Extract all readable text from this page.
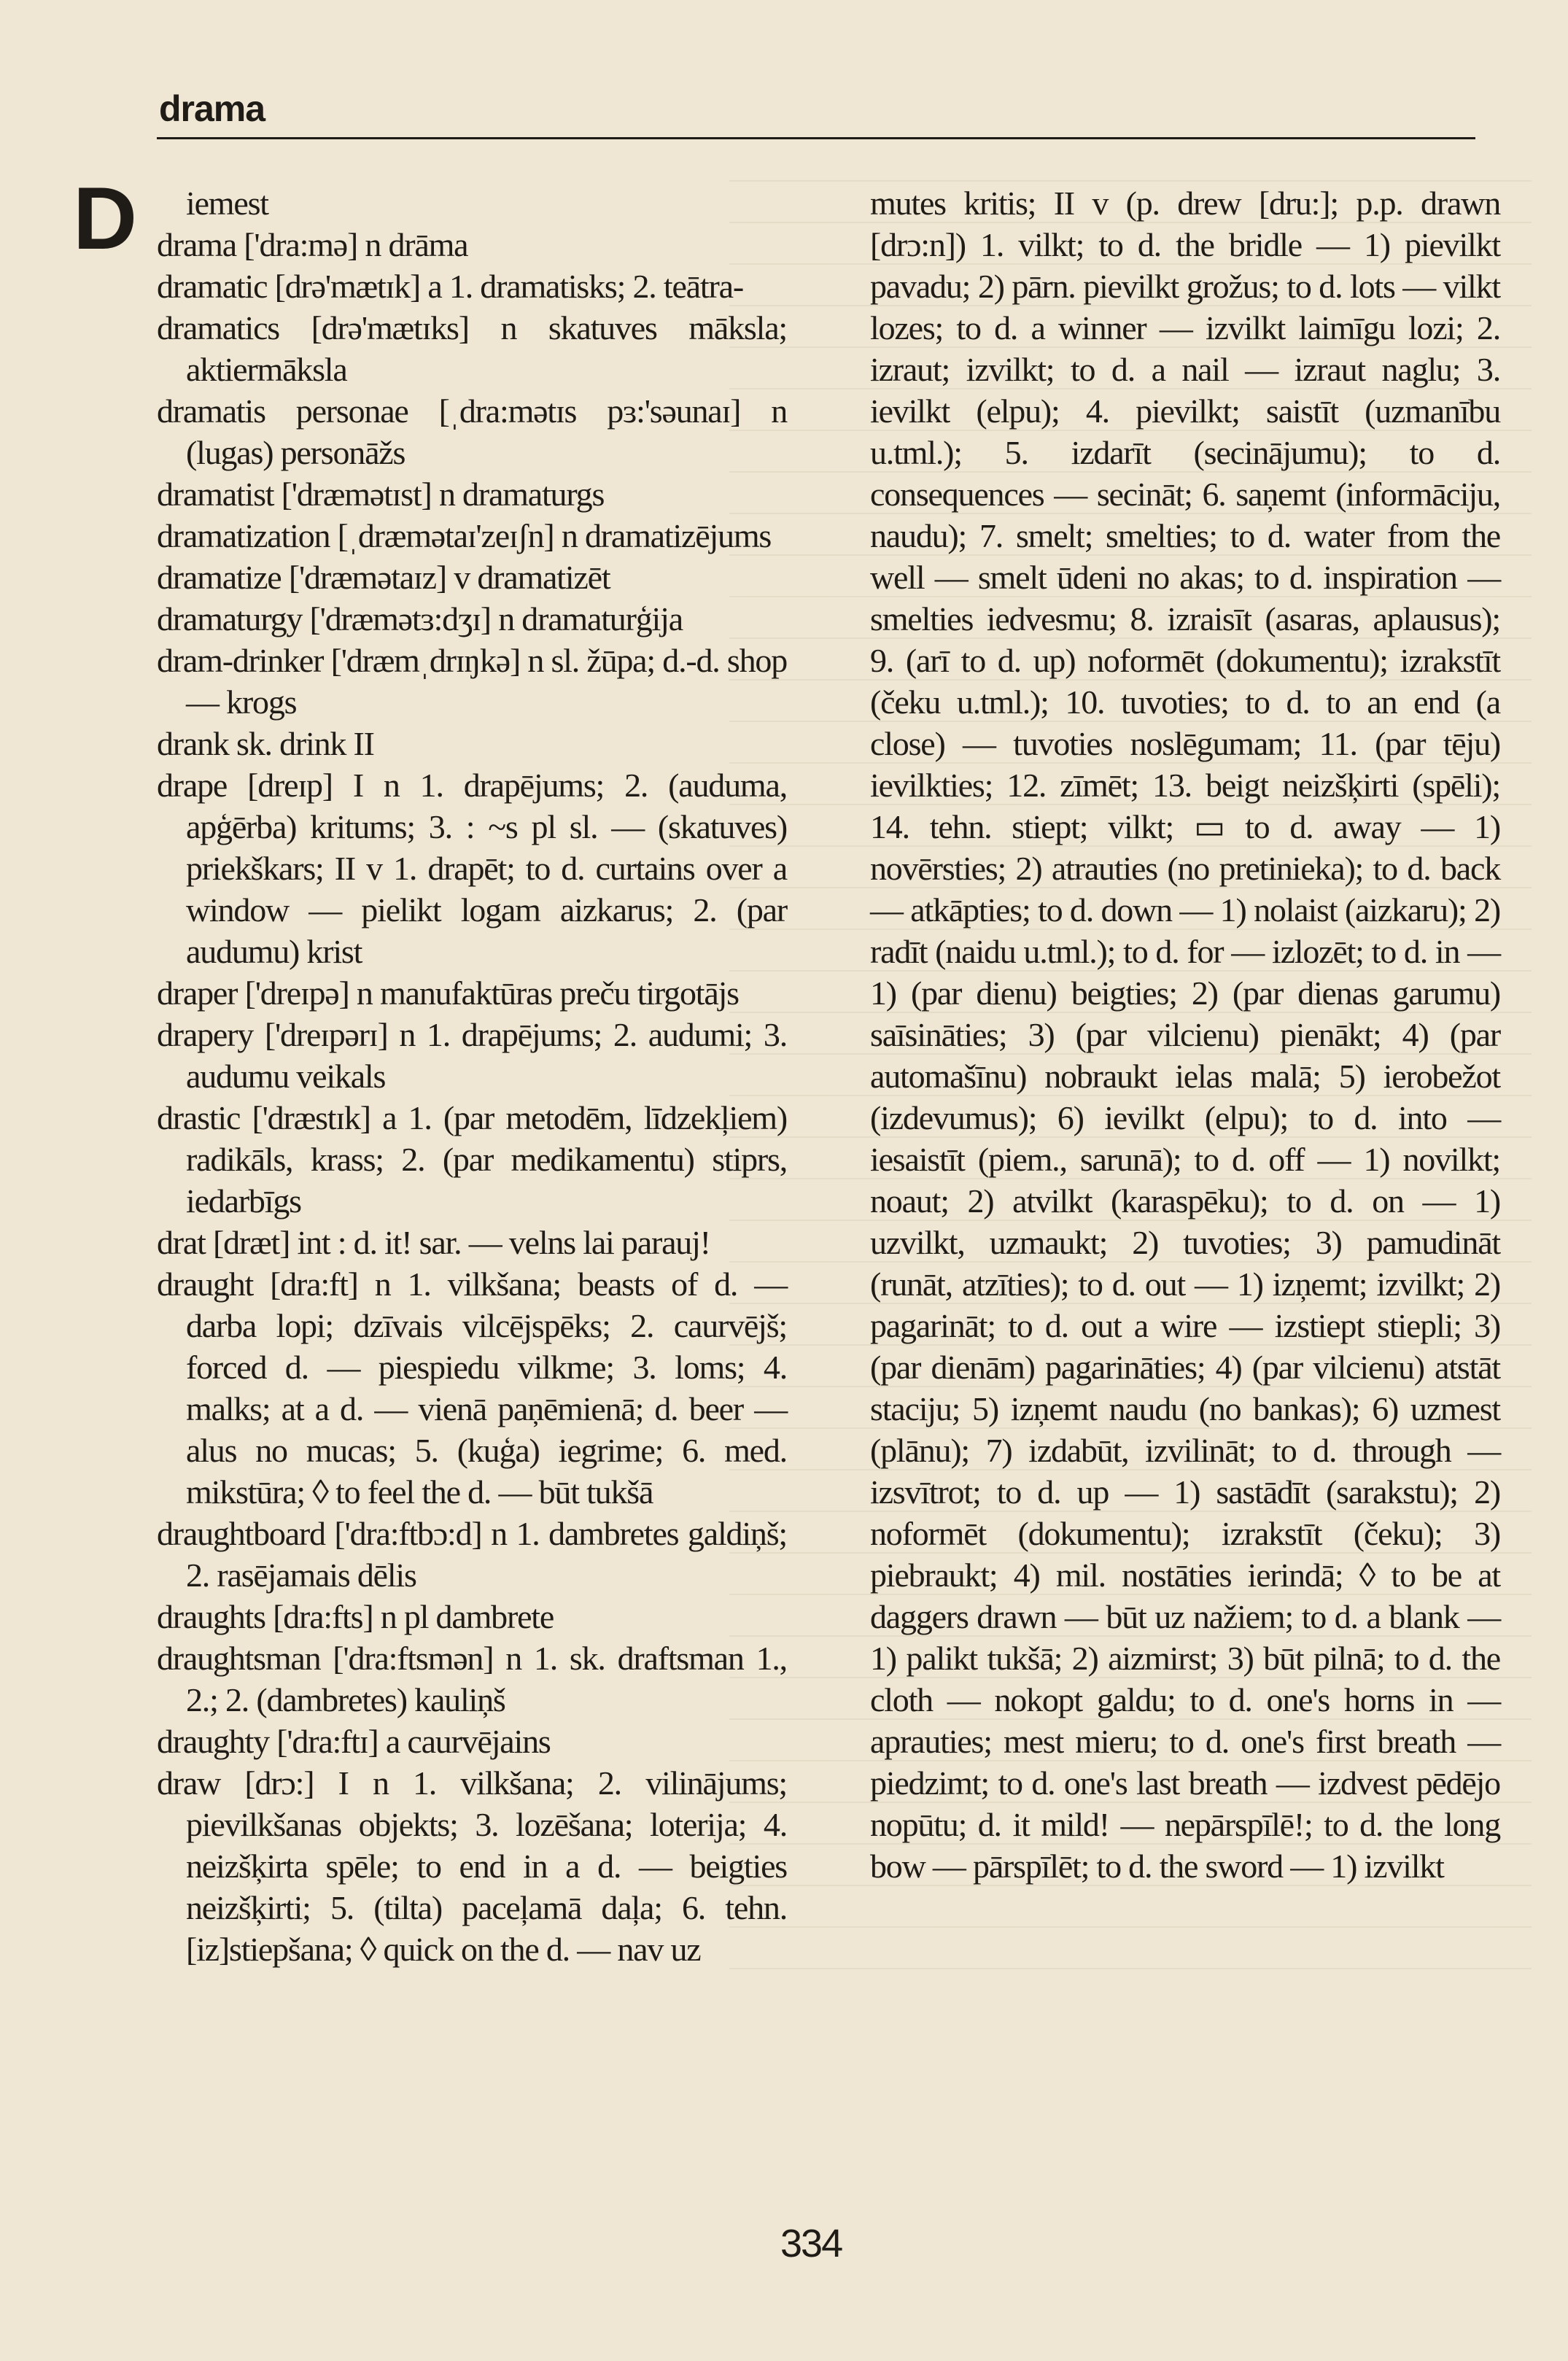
drama
D	iemest

drama ['dra:mə] n drāma

dramatic [drə'mætɪk] a 1. dramatisks; 2. teātra-

dramatics [drə'mætɪks] n skatuves māksla; aktiermāksla

dramatis personae [ˌdra:mətɪs pɜ:'səunaɪ] n (lugas) personāžs

dramatist ['dræmətɪst] n dramaturgs

dramatization [ˌdræmətaɪ'zeɪʃn] n dramatizējums

dramatize ['dræmətaɪz] v dramatizēt

dramaturgy ['dræmətɜ:dʒɪ] n dramaturģija

dram-drinker ['dræmˌdrɪŋkə] n sl. žūpa; d.-d. shop — krogs

drank sk. drink II

drape [dreɪp] I n 1. drapējums; 2. (auduma, apģērba) kritums; 3. : ~s pl sl. — (skatuves) priekškars; II v 1. drapēt; to d. curtains over a window — pielikt logam aizkarus; 2. (par audumu) krist

draper ['dreɪpə] n manufaktūras preču tirgotājs

drapery ['dreɪpərɪ] n 1. drapējums; 2. audumi; 3. audumu veikals

drastic ['dræstɪk] a 1. (par metodēm, līdzekļiem) radikāls, krass; 2. (par medikamentu) stiprs, iedarbīgs

drat [dræt] int : d. it! sar. — velns lai parauj!

draught [dra:ft] n 1. vilkšana; beasts of d. — darba lopi; dzīvais vilcējspēks; 2. caurvējš; forced d. — piespiedu vilkme; 3. loms; 4. malks; at a d. — vienā paņēmienā; d. beer — alus no mucas; 5. (kuģa) iegrime; 6. med. mikstūra; ◊ to feel the d. — būt tukšā

draughtboard ['dra:ftbɔ:d] n 1. dambretes galdiņš; 2. rasējamais dēlis

draughts [dra:fts] n pl dambrete

draughtsman ['dra:ftsmən] n 1. sk. draftsman 1., 2.; 2. (dambretes) kauliņš

draughty ['dra:ftɪ] a caurvējains

draw [drɔ:] I n 1. vilkšana; 2. vilinājums; pievilkšanas objekts; 3. lozēšana; loterija; 4. neizšķirta spēle; to end in a d. — beigties neizšķirti; 5. (tilta) paceļamā daļa; 6. tehn. [iz]stiepšana; ◊ quick on the d. — nav uz

mutes kritis; II v (p. drew [dru:]; p.p. drawn [drɔ:n]) 1. vilkt; to d. the bridle — 1) pievilkt pavadu; 2) pārn. pievilkt grožus; to d. lots — vilkt lozes; to d. a winner — izvilkt laimīgu lozi; 2. izraut; izvilkt; to d. a nail — izraut naglu; 3. ievilkt (elpu); 4. pievilkt; saistīt (uzmanību u.tml.); 5. izdarīt (secinājumu); to d. consequences — secināt; 6. saņemt (informāciju, naudu); 7. smelt; smelties; to d. water from the well — smelt ūdeni no akas; to d. inspiration — smelties iedvesmu; 8. izraisīt (asaras, aplausus); 9. (arī to d. up) noformēt (dokumentu); izrakstīt (čeku u.tml.); 10. tuvoties; to d. to an end (a close) — tuvoties noslēgumam; 11. (par tēju) ievilkties; 12. zīmēt; 13. beigt neizšķirti (spēli); 14. tehn. stiept; vilkt; ▭ to d. away — 1) novērsties; 2) atrauties (no pretinieka); to d. back — atkāpties; to d. down — 1) nolaist (aizkaru); 2) radīt (naidu u.tml.); to d. for — izlozēt; to d. in — 1) (par dienu) beigties; 2) (par dienas garumu) saīsināties; 3) (par vilcienu) pienākt; 4) (par automašīnu) nobraukt ielas malā; 5) ierobežot (izdevumus); 6) ievilkt (elpu); to d. into — iesaistīt (piem., sarunā); to d. off — 1) novilkt; noaut; 2) atvilkt (karaspēku); to d. on — 1) uzvilkt, uzmaukt; 2) tuvoties; 3) pamudināt (runāt, atzīties); to d. out — 1) izņemt; izvilkt; 2) pagarināt; to d. out a wire — izstiept stiepli; 3) (par dienām) pagarināties; 4) (par vilcienu) atstāt staciju; 5) izņemt naudu (no bankas); 6) uzmest (plānu); 7) izdabūt, izvilināt; to d. through — izsvītrot; to d. up — 1) sastādīt (sarakstu); 2) noformēt (dokumentu); izrakstīt (čeku); 3) piebraukt; 4) mil. nostāties ierindā; ◊ to be at daggers drawn — būt uz nažiem; to d. a blank — 1) palikt tukšā; 2) aizmirst; 3) būt pilnā; to d. the cloth — nokopt galdu; to d. one's horns in — aprauties; mest mieru; to d. one's first breath — piedzimt; to d. one's last breath — izdvest pēdējo nopūtu; d. it mild! — nepārspīlē!; to d. the long bow — pārspīlēt; to d. the sword — 1) izvilkt

334
